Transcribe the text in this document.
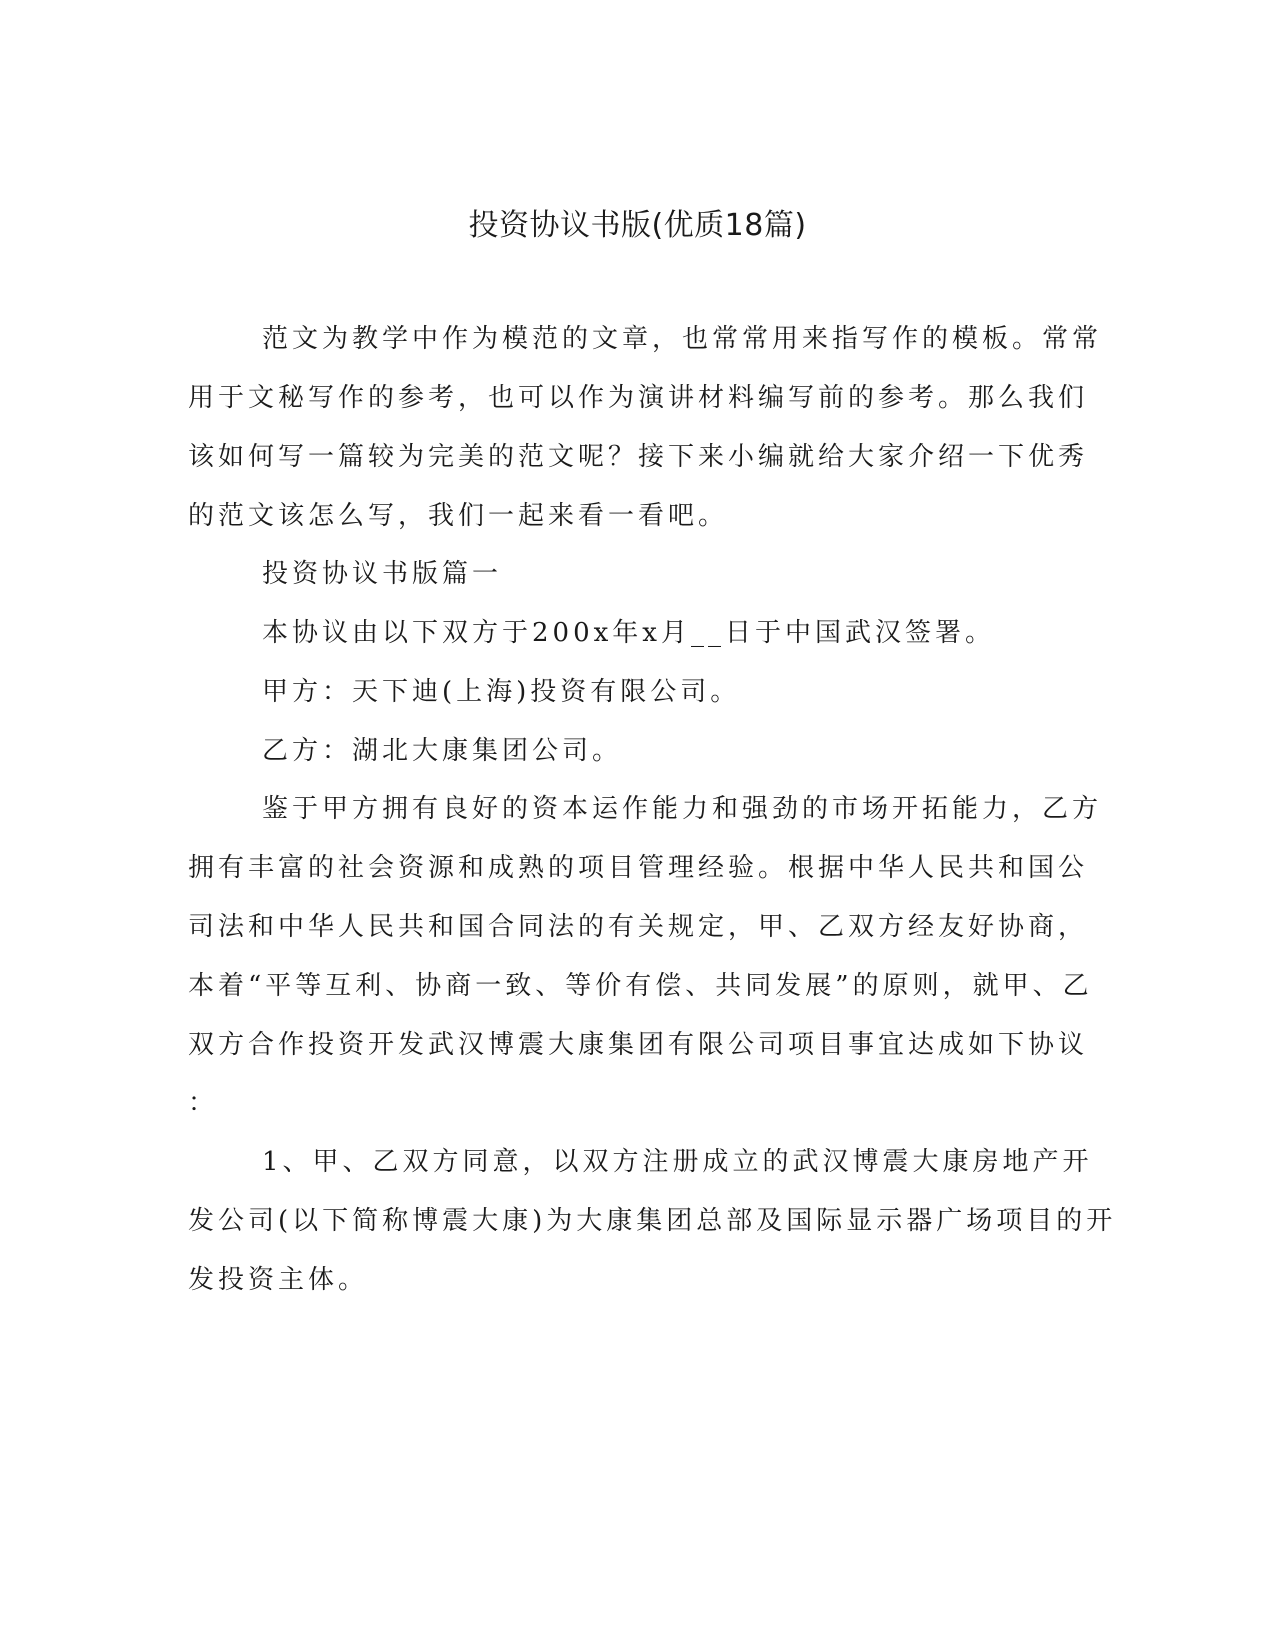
投资协议书版(优质18篇)

范文为教学中作为模范的文章，也常常用来指写作的模板。常常

用于文秘写作的参考，也可以作为演讲材料编写前的参考。那么我们

该如何写一篇较为完美的范文呢？接下来小编就给大家介绍一下优秀

的范文该怎么写，我们一起来看一看吧。

投资协议书版篇一

本协议由以下双方于200x年x月__日于中国武汉签署。

甲方：天下迪(上海)投资有限公司。

乙方：湖北大康集团公司。

鉴于甲方拥有良好的资本运作能力和强劲的市场开拓能力，乙方

拥有丰富的社会资源和成熟的项目管理经验。根据中华人民共和国公

司法和中华人民共和国合同法的有关规定，甲、乙双方经友好协商，

本着“平等互利、协商一致、等价有偿、共同发展”的原则，就甲、乙

双方合作投资开发武汉博震大康集团有限公司项目事宜达成如下协议

：

1、甲、乙双方同意，以双方注册成立的武汉博震大康房地产开

发公司(以下简称博震大康)为大康集团总部及国际显示器广场项目的开

发投资主体。
